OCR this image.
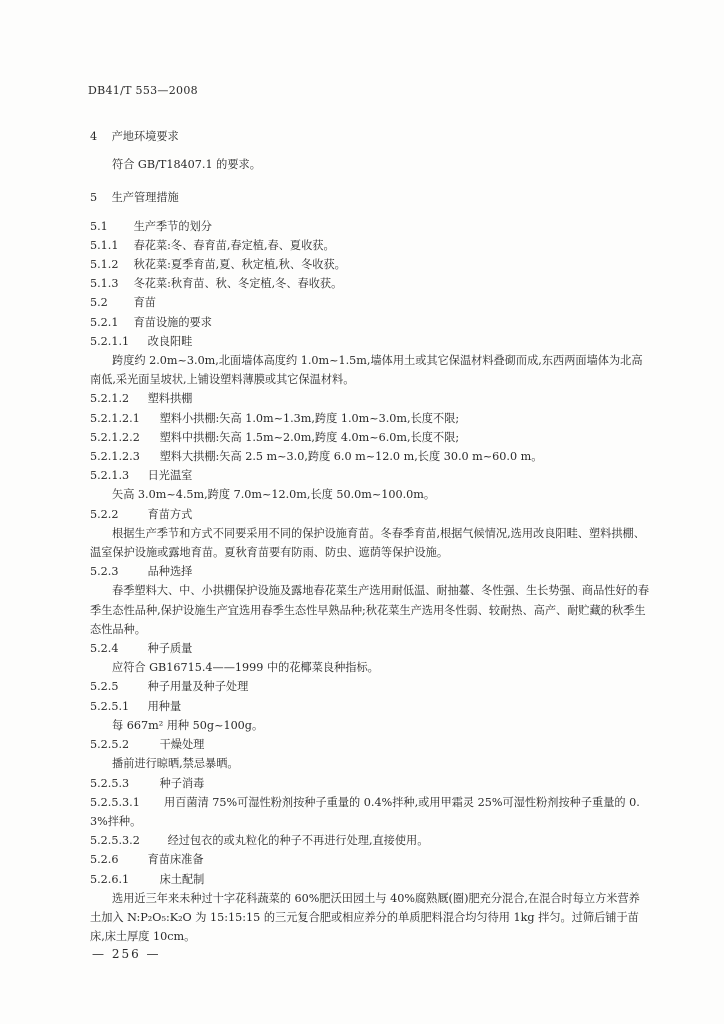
DB41/T 553—2008
4 产地环境要求
符合 GB/T18407.1 的要求。
5 生产管理措施
5.1 生产季节的划分
5.1.1 春花菜:冬、春育苗,春定植,春、夏收获。
5.1.2 秋花菜:夏季育苗,夏、秋定植,秋、冬收获。
5.1.3 冬花菜:秋育苗、秋、冬定植,冬、春收获。
5.2 育苗
5.2.1 育苗设施的要求
5.2.1.1 改良阳畦
跨度约 2.0m~3.0m,北面墙体高度约 1.0m~1.5m,墙体用土或其它保温材料叠砌而成,东西两面墙体为北高南低,采光面呈坡状,上铺设塑料薄膜或其它保温材料。
5.2.1.2 塑料拱棚
5.2.1.2.1 塑料小拱棚:矢高 1.0m~1.3m,跨度 1.0m~3.0m,长度不限;
5.2.1.2.2 塑料中拱棚:矢高 1.5m~2.0m,跨度 4.0m~6.0m,长度不限;
5.2.1.2.3 塑料大拱棚:矢高 2.5 m~3.0,跨度 6.0 m~12.0 m,长度 30.0 m~60.0 m。
5.2.1.3 日光温室
矢高 3.0m~4.5m,跨度 7.0m~12.0m,长度 50.0m~100.0m。
5.2.2	育苗方式
根据生产季节和方式不同要采用不同的保护设施育苗。冬春季育苗,根据气候情况,选用改良阳畦、塑料拱棚、温室保护设施或露地育苗。夏秋育苗要有防雨、防虫、遮荫等保护设施。
5.2.3	品种选择
春季塑料大、中、小拱棚保护设施及露地春花菜生产选用耐低温、耐抽薹、冬性强、生长势强、商品性好的春季生态性品种,保护设施生产宜选用春季生态性早熟品种;秋花菜生产选用冬性弱、较耐热、高产、耐贮藏的秋季生态性品种。
5.2.4	种子质量
应符合 GB16715.4——1999 中的花椰菜良种指标。
5.2.5	种子用量及种子处理
5.2.5.1 用种量
每 667m² 用种 50g~100g。
5.2.5.2	干燥处理
播前进行晾晒,禁忌暴晒。
5.2.5.3	种子消毒
5.2.5.3.1 用百菌清 75%可湿性粉剂按种子重量的 0.4%拌种,或用甲霜灵 25%可湿性粉剂按种子重量的 0.3%拌种。
5.2.5.3.2 经过包衣的或丸粒化的种子不再进行处理,直接使用。
5.2.6	育苗床准备
5.2.6.1	床土配制
选用近三年来未种过十字花科蔬菜的 60%肥沃田园土与 40%腐熟厩(圈)肥充分混合,在混合时每立方米营养土加入 N:P₂O₅:K₂O 为 15:15:15 的三元复合肥或相应养分的单质肥料混合均匀待用 1kg 拌匀。过筛后铺于苗床,床土厚度 10cm。
— 256 —
